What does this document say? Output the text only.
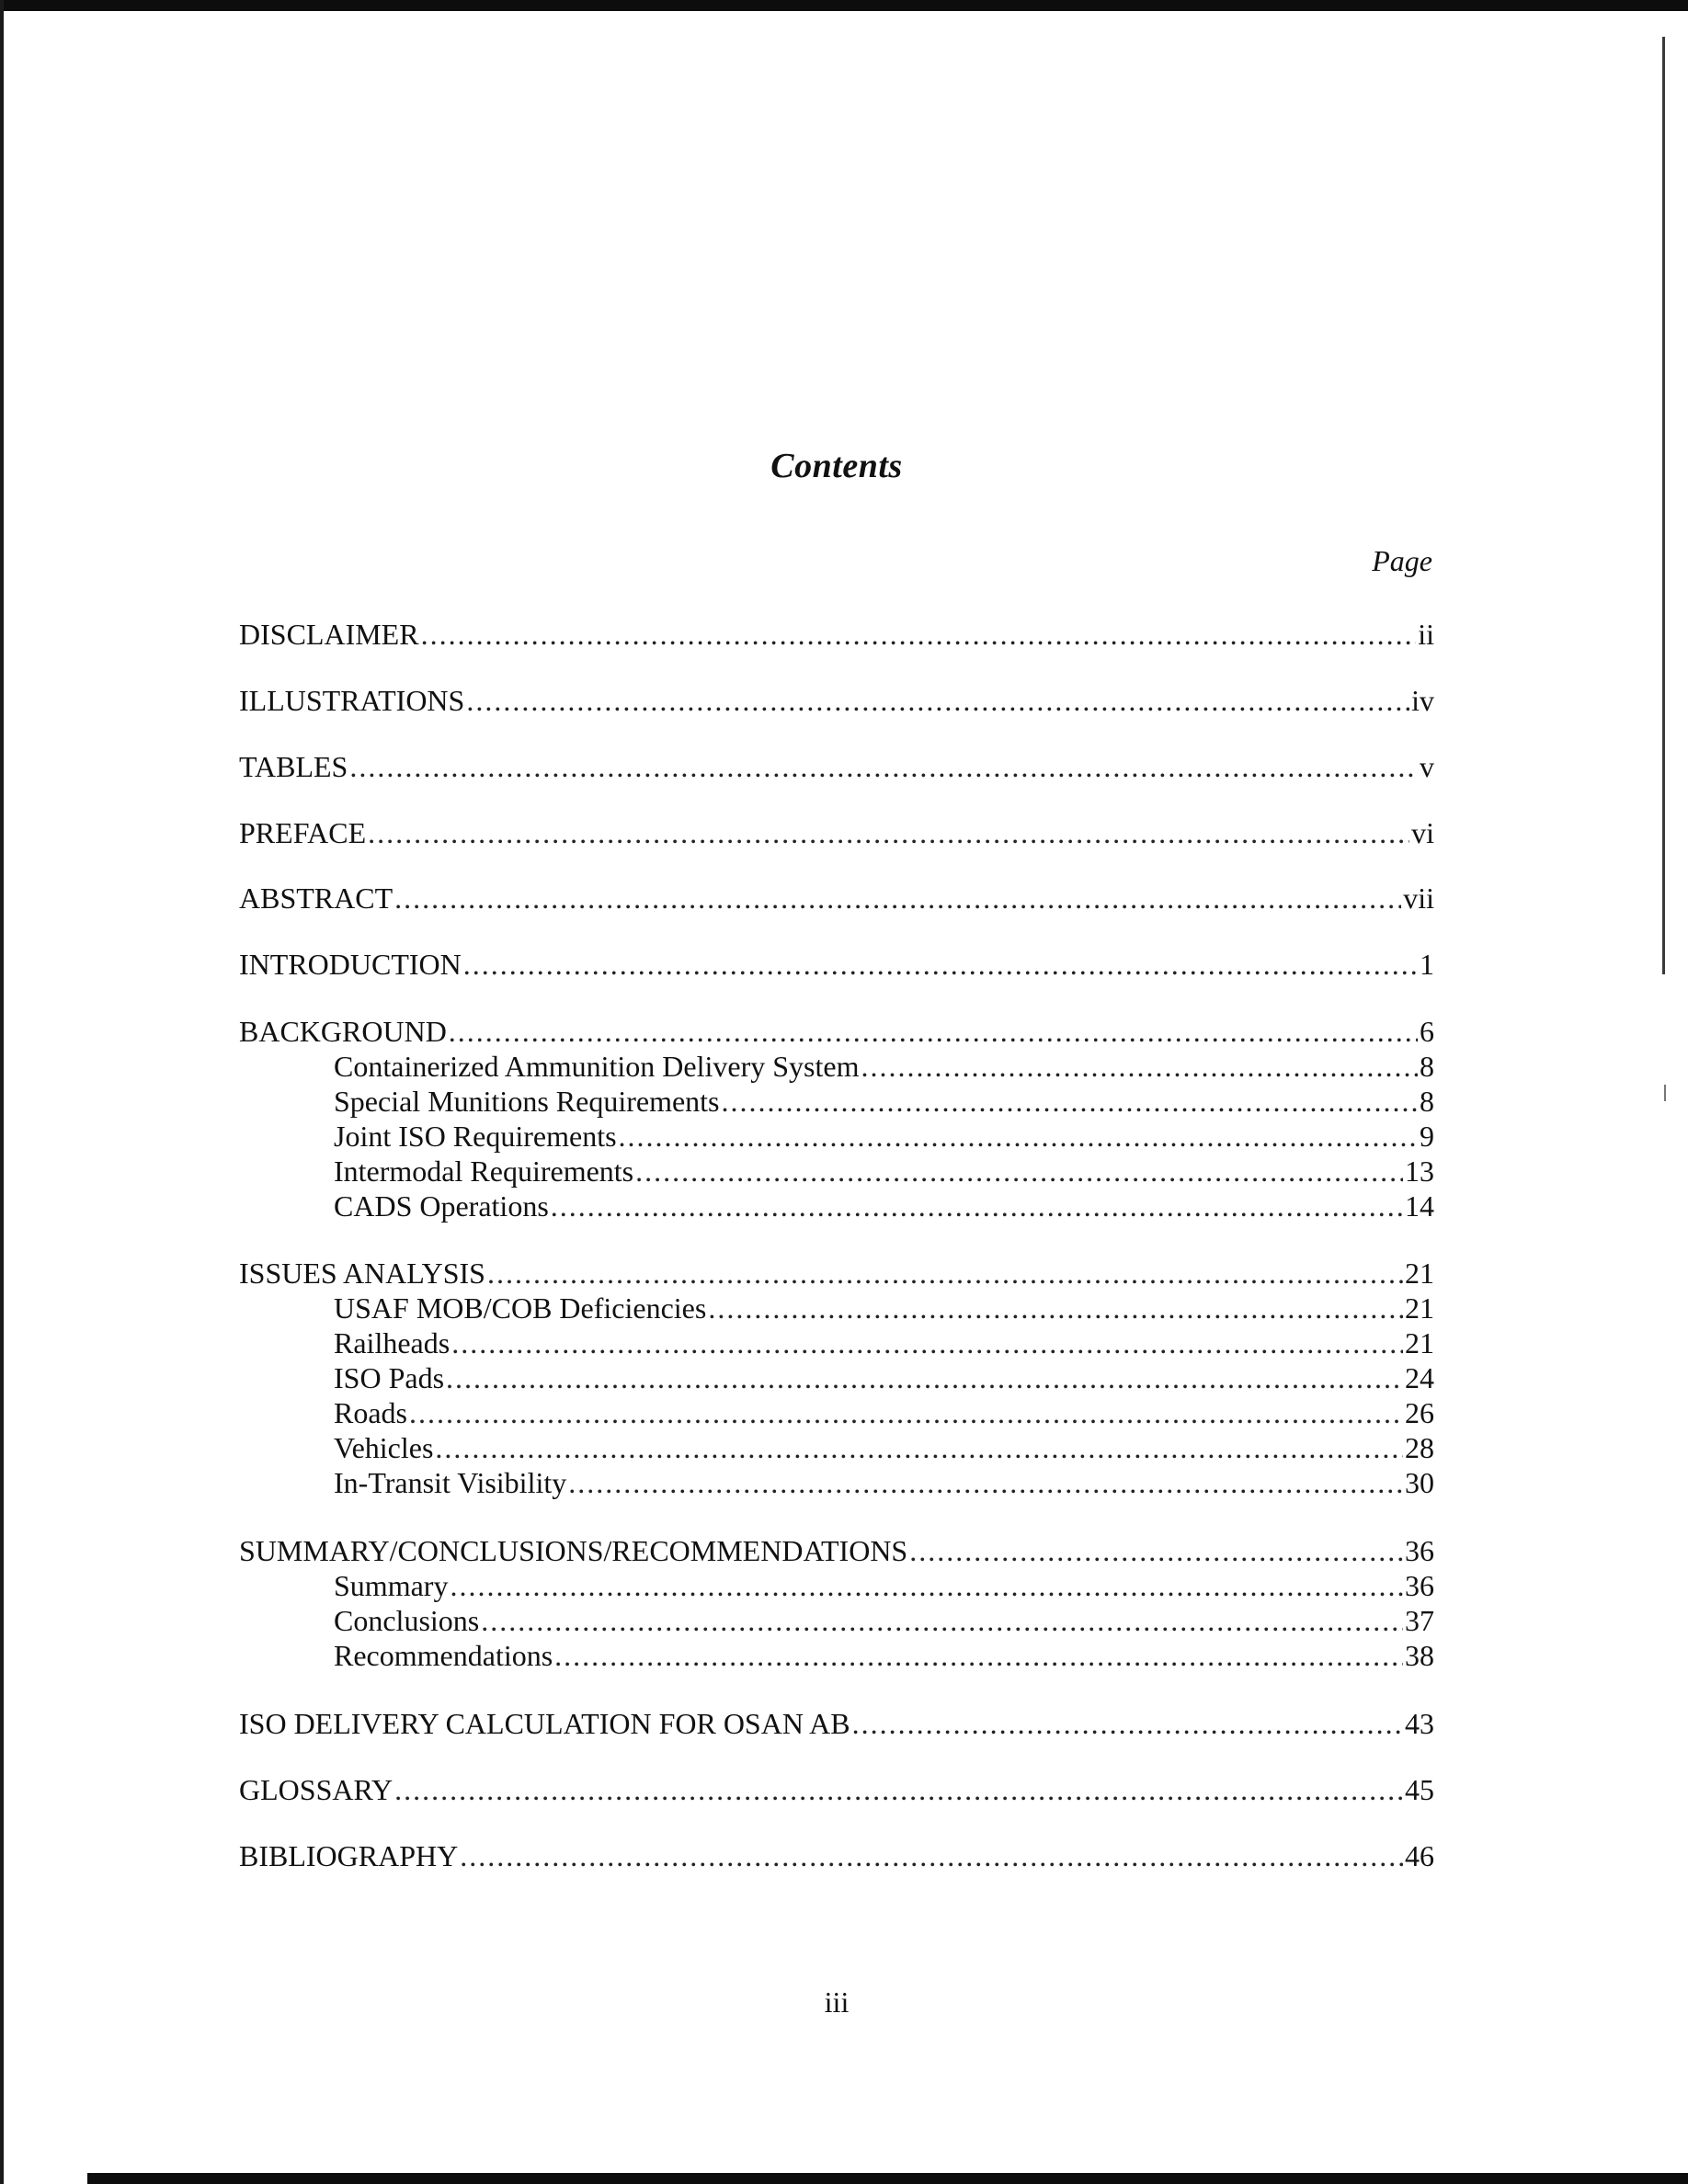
Contents
Page
DISCLAIMER .....	ii
ILLUSTRATIONS .....	iv
TABLES .....	v
PREFACE .....	vi
ABSTRACT .....	vii
INTRODUCTION .....	1
BACKGROUND .....	6
Containerized Ammunition Delivery System .....	8
Special Munitions Requirements .....	8
Joint ISO Requirements .....	9
Intermodal Requirements .....	13
CADS Operations .....	14
ISSUES ANALYSIS .....	21
USAF MOB/COB Deficiencies .....	21
Railheads .....	21
ISO Pads .....	24
Roads .....	26
Vehicles .....	28
In-Transit Visibility .....	30
SUMMARY/CONCLUSIONS/RECOMMENDATIONS .....	36
Summary .....	36
Conclusions .....	37
Recommendations .....	38
ISO DELIVERY CALCULATION FOR OSAN AB .....	43
GLOSSARY .....	45
BIBLIOGRAPHY .....	46
iii
